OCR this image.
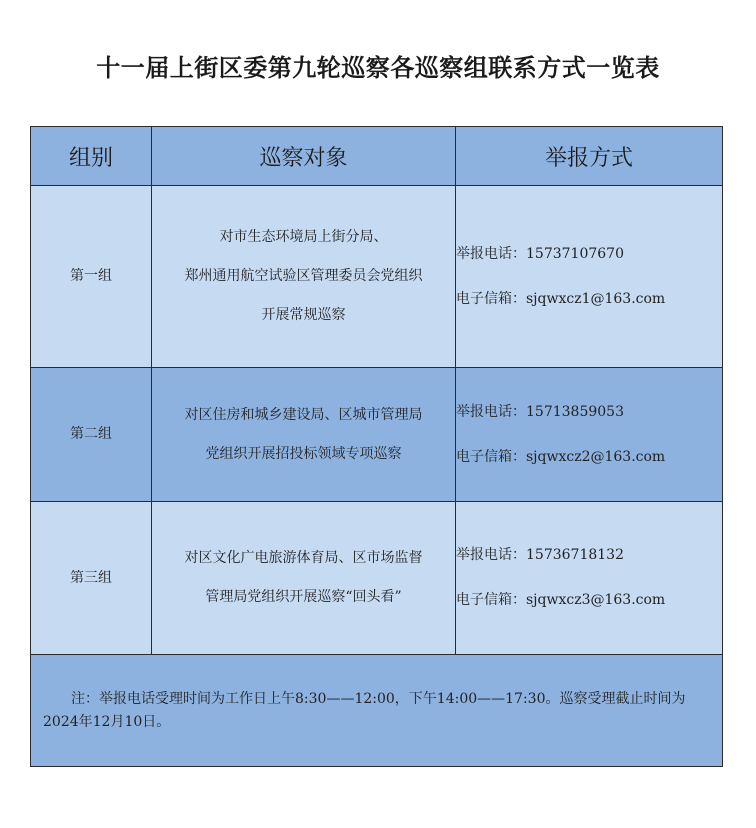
十一届上街区委第九轮巡察各巡察组联系方式一览表
组别	巡察对象	举报方式
第一组	对市生态环境局上街分局、
郑州通用航空试验区管理委员会党组织
开展常规巡察	举报电话：15737107670
电子信箱：sjqwxcz1@163.com

第二组	对区住房和城乡建设局、区城市管理局
党组织开展招投标领域专项巡察	举报电话：15713859053
电子信箱：sjqwxcz2@163.com

第三组	对区文化广电旅游体育局、区市场监督
管理局党组织开展巡察“回头看”	举报电话：15736718132
电子信箱：sjqwxcz3@163.com

注：举报电话受理时间为工作日上午8:30——12:00，下午14:00——17:30。巡察受理截止时间为2024年12月10日。		
